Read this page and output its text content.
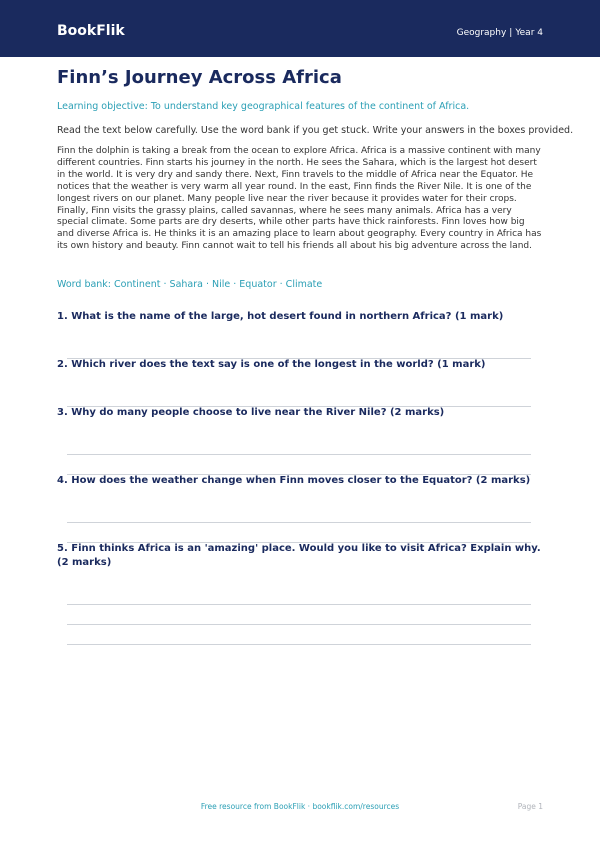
BookFlik	Geography | Year 4
Finn’s Journey Across Africa
Learning objective: To understand key geographical features of the continent of Africa.
Read the text below carefully. Use the word bank if you get stuck. Write your answers in the boxes provided.

Finn the dolphin is taking a break from the ocean to explore Africa. Africa is a massive continent with many different countries. Finn starts his journey in the north. He sees the Sahara, which is the largest hot desert in the world. It is very dry and sandy there. Next, Finn travels to the middle of Africa near the Equator. He notices that the weather is very warm all year round. In the east, Finn finds the River Nile. It is one of the longest rivers on our planet. Many people live near the river because it provides water for their crops. Finally, Finn visits the grassy plains, called savannas, where he sees many animals. Africa has a very special climate. Some parts are dry deserts, while other parts have thick rainforests. Finn loves how big and diverse Africa is. He thinks it is an amazing place to learn about geography. Every country in Africa has its own history and beauty. Finn cannot wait to tell his friends all about his big adventure across the land.

Word bank: Continent · Sahara · Nile · Equator · Climate

1. What is the name of the large, hot desert found in northern Africa? (1 mark)

2. Which river does the text say is one of the longest in the world? (1 mark)

3. Why do many people choose to live near the River Nile? (2 marks)

4. How does the weather change when Finn moves closer to the Equator? (2 marks)

5. Finn thinks Africa is an 'amazing' place. Would you like to visit Africa? Explain why. (2 marks)

Free resource from BookFlik · bookflik.com/resources	Page 1
